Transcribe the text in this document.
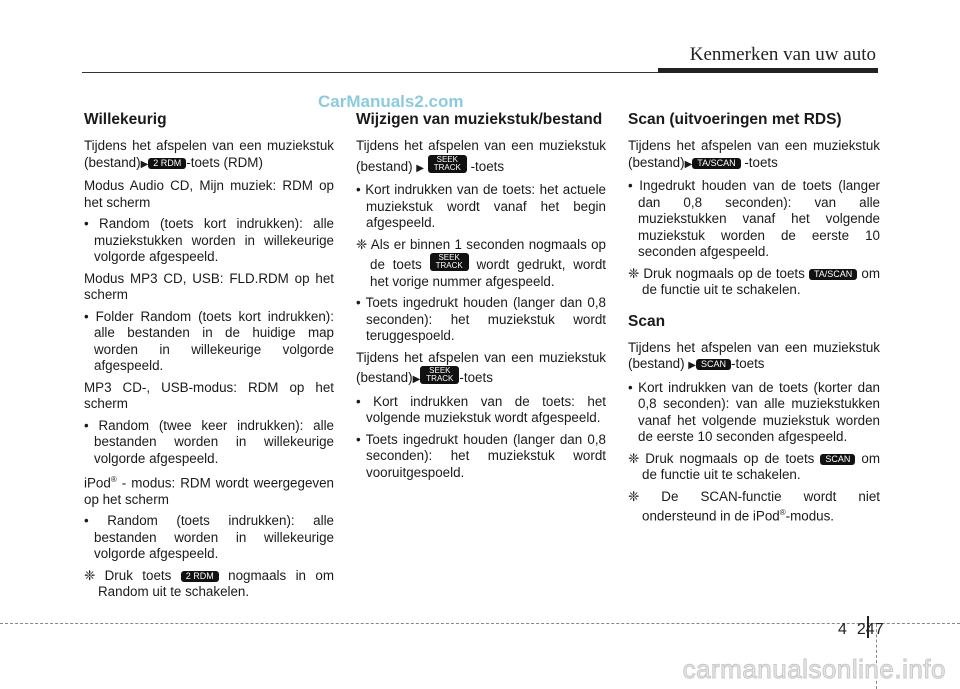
Kenmerken van uw auto
CarManuals2.com
Willekeurig

Tijdens het afspelen van een muziekstuk (bestand)▶ 2 RDM -toets (RDM)

Modus Audio CD, Mijn muziek: RDM op het scherm

• Random (toets kort indrukken): alle muziekstukken worden in willekeurige volgorde afgespeeld.

Modus MP3 CD, USB: FLD.RDM op het scherm

• Folder Random (toets kort indrukken): alle bestanden in de huidige map worden in willekeurige volgorde afgespeeld.

MP3 CD-, USB-modus: RDM op het scherm

• Random (twee keer indrukken): alle bestanden worden in willekeurige volgorde afgespeeld.

iPod® - modus: RDM wordt weergegeven op het scherm

• Random (toets indrukken): alle bestanden worden in willekeurige volgorde afgespeeld.

❈ Druk toets 2 RDM nogmaals in om Random uit te schakelen.

Wijzigen van muziekstuk/bestand

Tijdens het afspelen van een muziekstuk (bestand) ▶ SEEK
TRACK -toets

• Kort indrukken van de toets: het actuele muziekstuk wordt vanaf het begin afgespeeld.

❈ Als er binnen 1 seconden nogmaals op de toets SEEK
TRACK wordt gedrukt, wordt het vorige nummer afgespeeld.

• Toets ingedrukt houden (langer dan 0,8 seconden): het muziekstuk wordt teruggespoeld.

Tijdens het afspelen van een muziekstuk (bestand)▶SEEK
TRACK -toets

• Kort indrukken van de toets: het volgende muziekstuk wordt afgespeeld.

• Toets ingedrukt houden (langer dan 0,8 seconden): het muziekstuk wordt vooruitgespoeld.

Scan (uitvoeringen met RDS)

Tijdens het afspelen van een muziekstuk (bestand)▶ TA/SCAN -toets

• Ingedrukt houden van de toets (langer dan 0,8 seconden): van alle muziekstukken vanaf het volgende muziekstuk worden de eerste 10 seconden afgespeeld.

❈ Druk nogmaals op de toets TA/SCAN om de functie uit te schakelen.

Scan

Tijdens het afspelen van een muziekstuk (bestand) ▶ SCAN -toets

• Kort indrukken van de toets (korter dan 0,8 seconden): van alle muziekstukken vanaf het volgende muziekstuk worden de eerste 10 seconden afgespeeld.

❈ Druk nogmaals op de toets SCAN om de functie uit te schakelen.

❈ De SCAN-functie wordt niet ondersteund in de iPod®-modus.

4 247
carmanualsonline.info
